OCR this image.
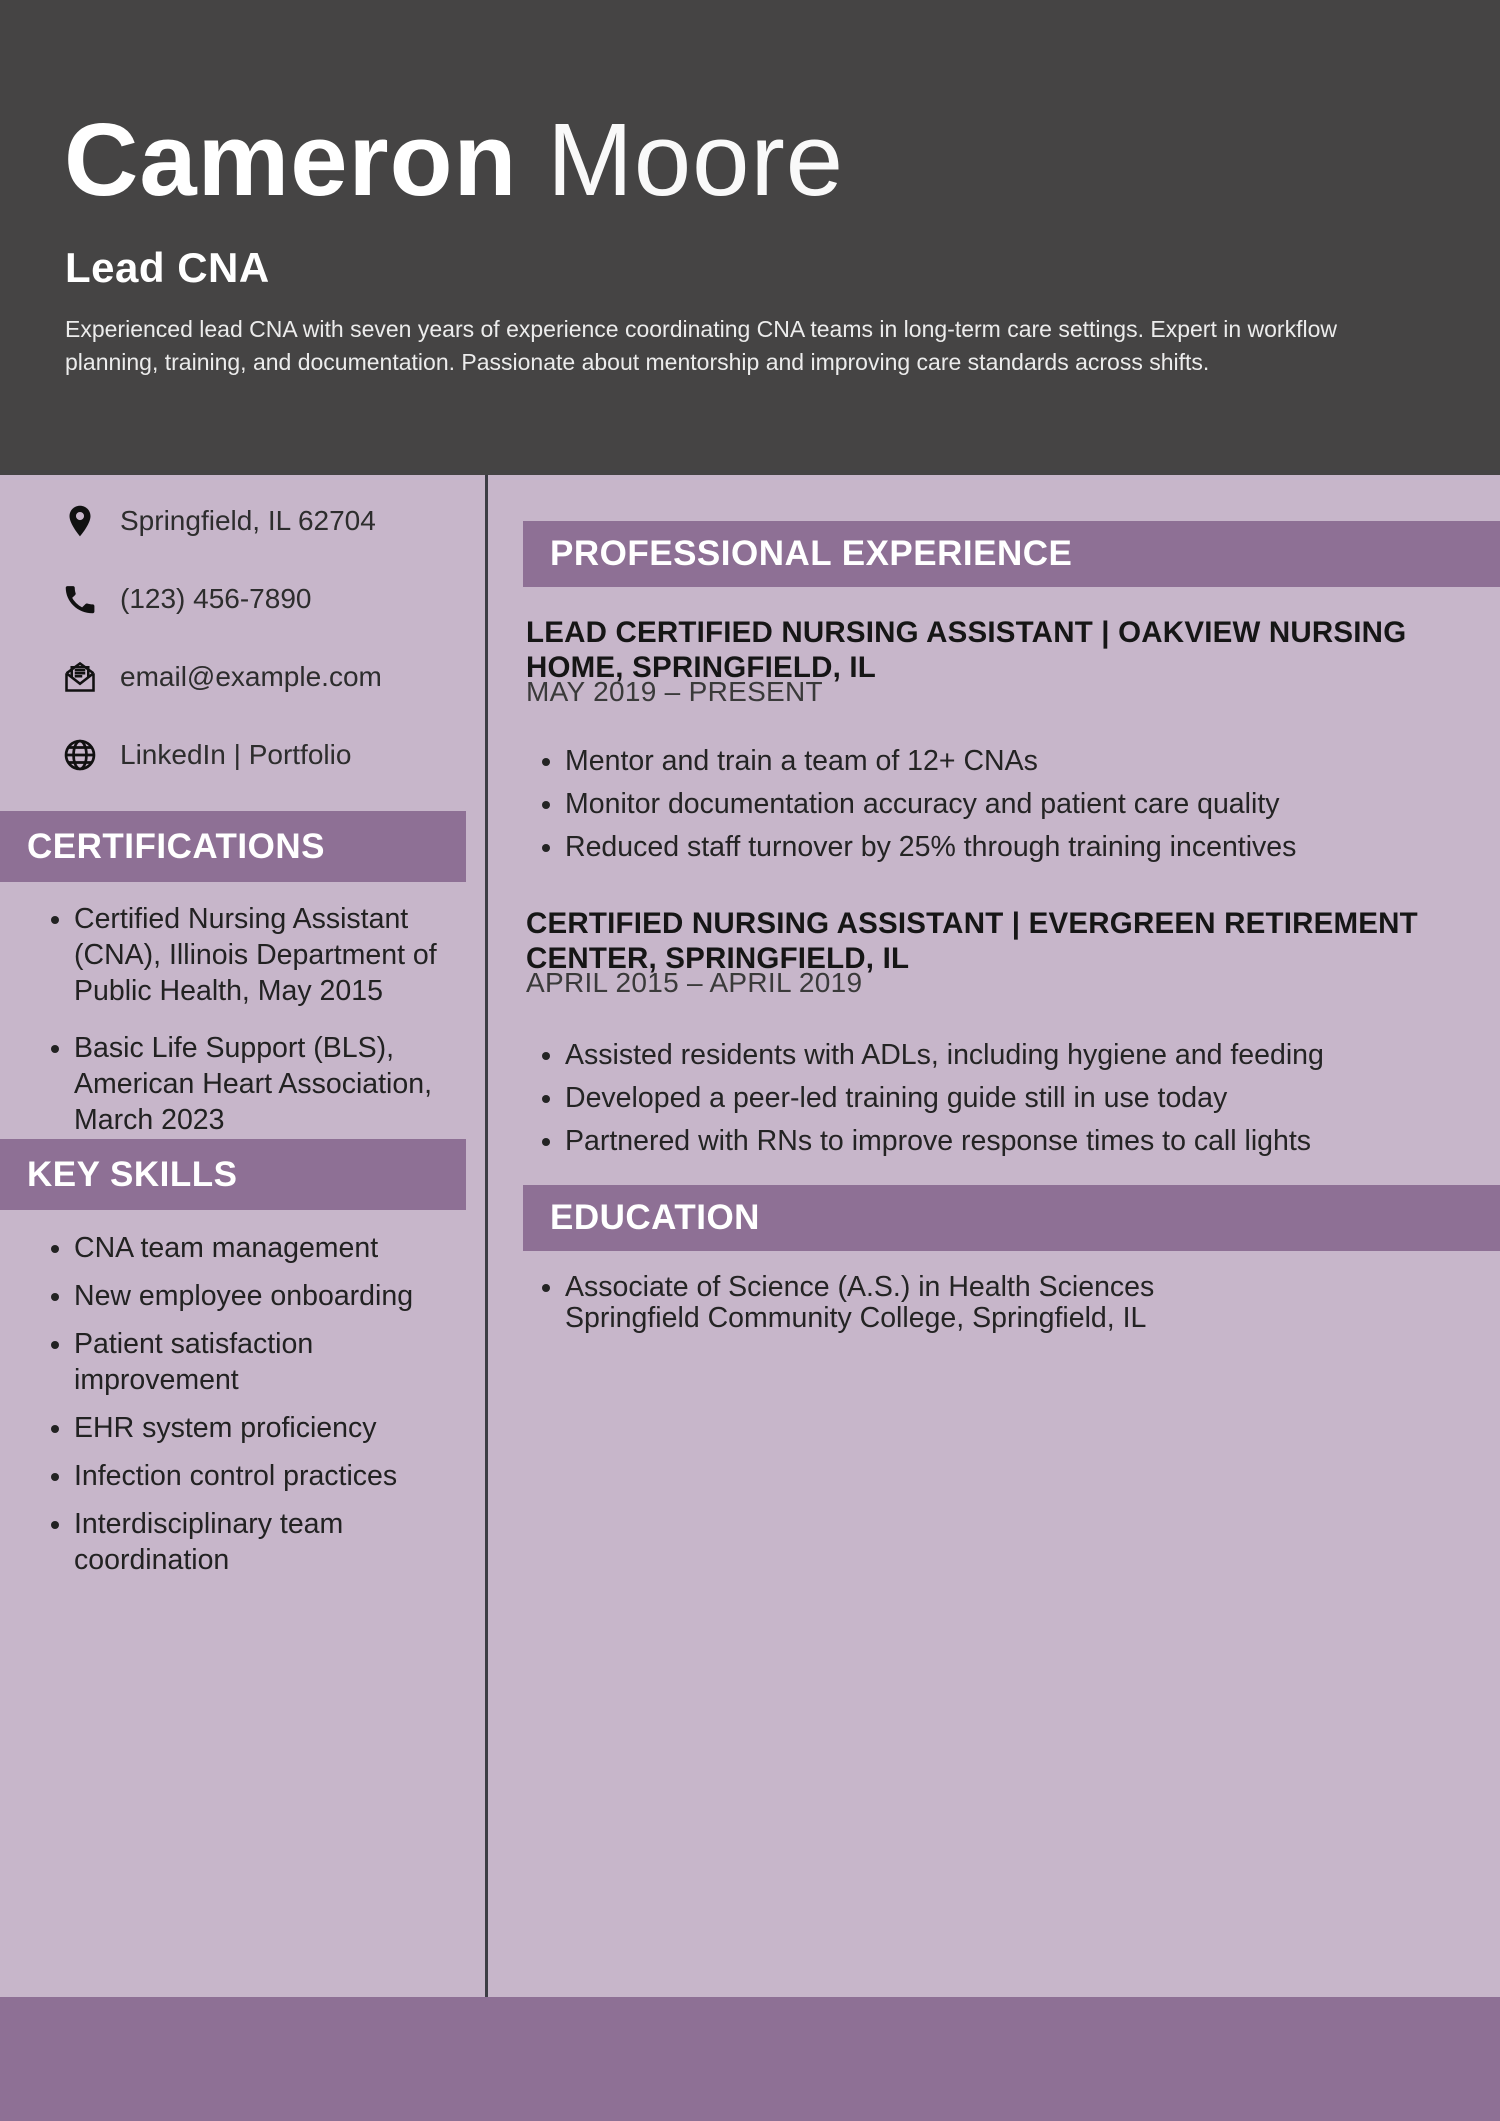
Cameron Moore
Lead CNA
Experienced lead CNA with seven years of experience coordinating CNA teams in long-term care settings. Expert in workflow planning, training, and documentation. Passionate about mentorship and improving care standards across shifts.
Springfield, IL 62704
(123) 456-7890
email@example.com
LinkedIn | Portfolio
CERTIFICATIONS
• Certified Nursing Assistant (CNA), Illinois Department of Public Health, May 2015
• Basic Life Support (BLS), American Heart Association, March 2023
KEY SKILLS
• CNA team management
• New employee onboarding
• Patient satisfaction improvement
• EHR system proficiency
• Infection control practices
• Interdisciplinary team coordination
PROFESSIONAL EXPERIENCE
LEAD CERTIFIED NURSING ASSISTANT | OAKVIEW NURSING HOME, SPRINGFIELD, IL
MAY 2019 – PRESENT
• Mentor and train a team of 12+ CNAs
• Monitor documentation accuracy and patient care quality
• Reduced staff turnover by 25% through training incentives
CERTIFIED NURSING ASSISTANT | EVERGREEN RETIREMENT CENTER, SPRINGFIELD, IL
APRIL 2015 – APRIL 2019
• Assisted residents with ADLs, including hygiene and feeding
• Developed a peer-led training guide still in use today
• Partnered with RNs to improve response times to call lights
EDUCATION
• Associate of Science (A.S.) in Health Sciences
Springfield Community College, Springfield, IL
